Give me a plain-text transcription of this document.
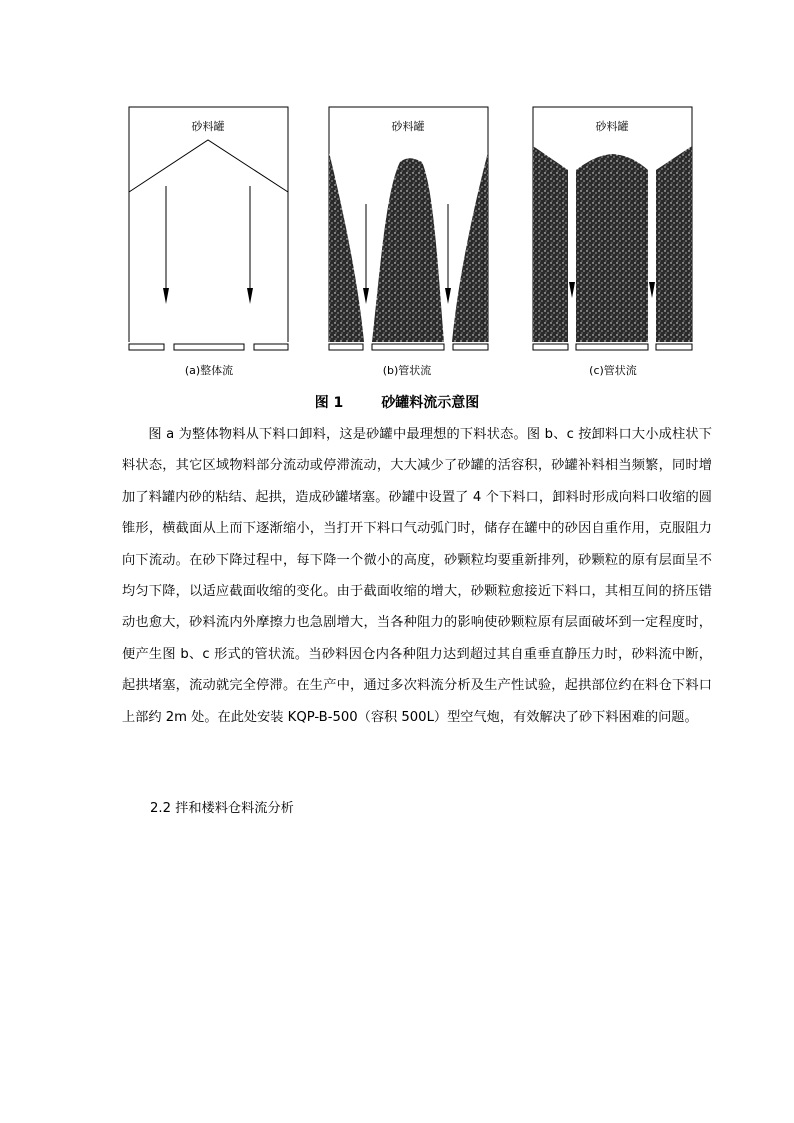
砂料罐
(a)整体流
砂料罐
(b)管状流
砂料罐
(c)管状流
图 1	砂罐料流示意图

图 a 为整体物料从下料口卸料，这是砂罐中最理想的下料状态。图 b、c 按卸料口大小成柱状下料状态，其它区域物料部分流动或停滞流动，大大减少了砂罐的活容积，砂罐补料相当频繁，同时增加了料罐内砂的粘结、起拱，造成砂罐堵塞。砂罐中设置了 4 个下料口，卸料时形成向料口收缩的圆锥形，横截面从上而下逐渐缩小，当打开下料口气动弧门时，储存在罐中的砂因自重作用，克服阻力向下流动。在砂下降过程中，每下降一个微小的高度，砂颗粒均要重新排列，砂颗粒的原有层面呈不均匀下降，以适应截面收缩的变化。由于截面收缩的增大，砂颗粒愈接近下料口，其相互间的挤压错动也愈大，砂料流内外摩擦力也急剧增大，当各种阻力的影响使砂颗粒原有层面破坏到一定程度时，便产生图 b、c 形式的管状流。当砂料因仓内各种阻力达到超过其自重垂直静压力时，砂料流中断，起拱堵塞，流动就完全停滞。在生产中，通过多次料流分析及生产性试验，起拱部位约在料仓下料口上部约 2m 处。在此处安装 KQP-B-500（容积 500L）型空气炮，有效解决了砂下料困难的问题。

2.2 拌和楼料仓料流分析
